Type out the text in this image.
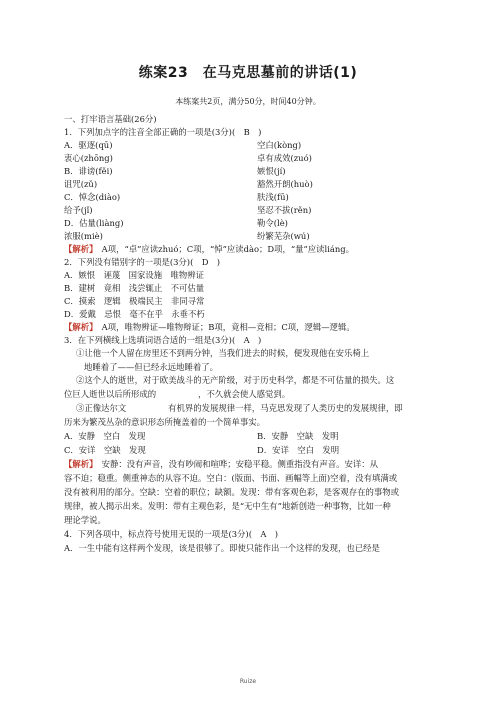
练案23　在马克思墓前的讲话(1)
本练案共2页，满分50分，时间40分钟。
一、打牢语言基础(26分)
1．下列加点字的注音全部正确的一项是(3分)(　B　)
A．驱逐(qū)	空白(kòng)
衷心(zhōng)	卓有成效(zuó)
B．诽谤(fěi)	嫉恨(jí)
诅咒(zǔ)	豁然开朗(huò)
C．悼念(diào)	肤浅(fū)
给予(jǐ)	坚忍不拔(rěn)
D．估量(liàng)	勒令(lè)
浓服(miè)	纷繁芜杂(wú)
【解析】　A项，“卓”应读zhuó；C项，“悼”应读dào；D项，“量”应读liáng。
2．下列没有错别字的一项是(3分)(　D　)
A．嫉恨　诬蔑　国家设施　唯物辨证
B．建树　竟相　浅尝辄止　不可估量
C．摸索　逻辑　极端民主　非同寻常
D．爱戴　忌恨　毫不在乎　永垂不朽
【解析】　A项，唯物辨证—唯物辩证；B项，竟相—竞相；C项，逻辑—逻辑。
3．在下列横线上选填词语合适的一组是(3分)(　A　)
①让他一个人留在房里还不到两分钟，当我们进去的时候，便发现他在安乐椅上
地睡着了——但已经永远地睡着了。
②这个人的逝世，对于欧美战斗的无产阶级，对于历史科学，都是不可估量的损失。这
位巨人逝世以后所形成的　　　　　，不久就会使人感觉到。
③正像达尔文　　　　　有机界的发展规律一样，马克思发现了人类历史的发展规律，即
历来为繁茂丛杂的意识形态所掩盖着的一个简单事实。
A．安静　空白　发现	B．安静　空缺　发明
C．安详　空缺　发现	D．安详　空白　发明
【解析】　安静：没有声音，没有吵闹和喧哗；安稳平稳。侧重指没有声音。安详：从
容不迫；稳重。侧重神态的从容不迫。空白：(版面、书面、画幅等上面)空着，没有填满或
没有被利用的部分。空缺：空着的职位；缺额。发现：带有客观色彩，是客观存在的事物或
规律，被人揭示出来。发明：带有主观色彩，是“无中生有”地新创造一种事物，比如一种
理论学说。
4．下列各项中，标点符号使用无误的一项是(3分)(　A　)
A．一生中能有这样两个发现，该是很够了。即使只能作出一个这样的发现，也已经是
Ruize
